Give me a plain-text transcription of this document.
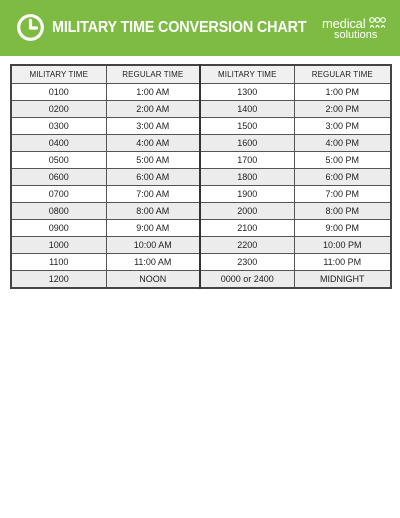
MILITARY TIME CONVERSION CHART medical
solutions
MILITARY TIME	REGULAR TIME	MILITARY TIME	REGULAR TIME
0100	1:00 AM	1300	1:00 PM
0200	2:00 AM	1400	2:00 PM
0300	3:00 AM	1500	3:00 PM
0400	4:00 AM	1600	4:00 PM
0500	5:00 AM	1700	5:00 PM
0600	6:00 AM	1800	6:00 PM
0700	7:00 AM	1900	7:00 PM
0800	8:00 AM	2000	8:00 PM
0900	9:00 AM	2100	9:00 PM
1000	10:00 AM	2200	10:00 PM
1100	11:00 AM	2300	11:00 PM
1200	NOON	0000 or 2400	MIDNIGHT
